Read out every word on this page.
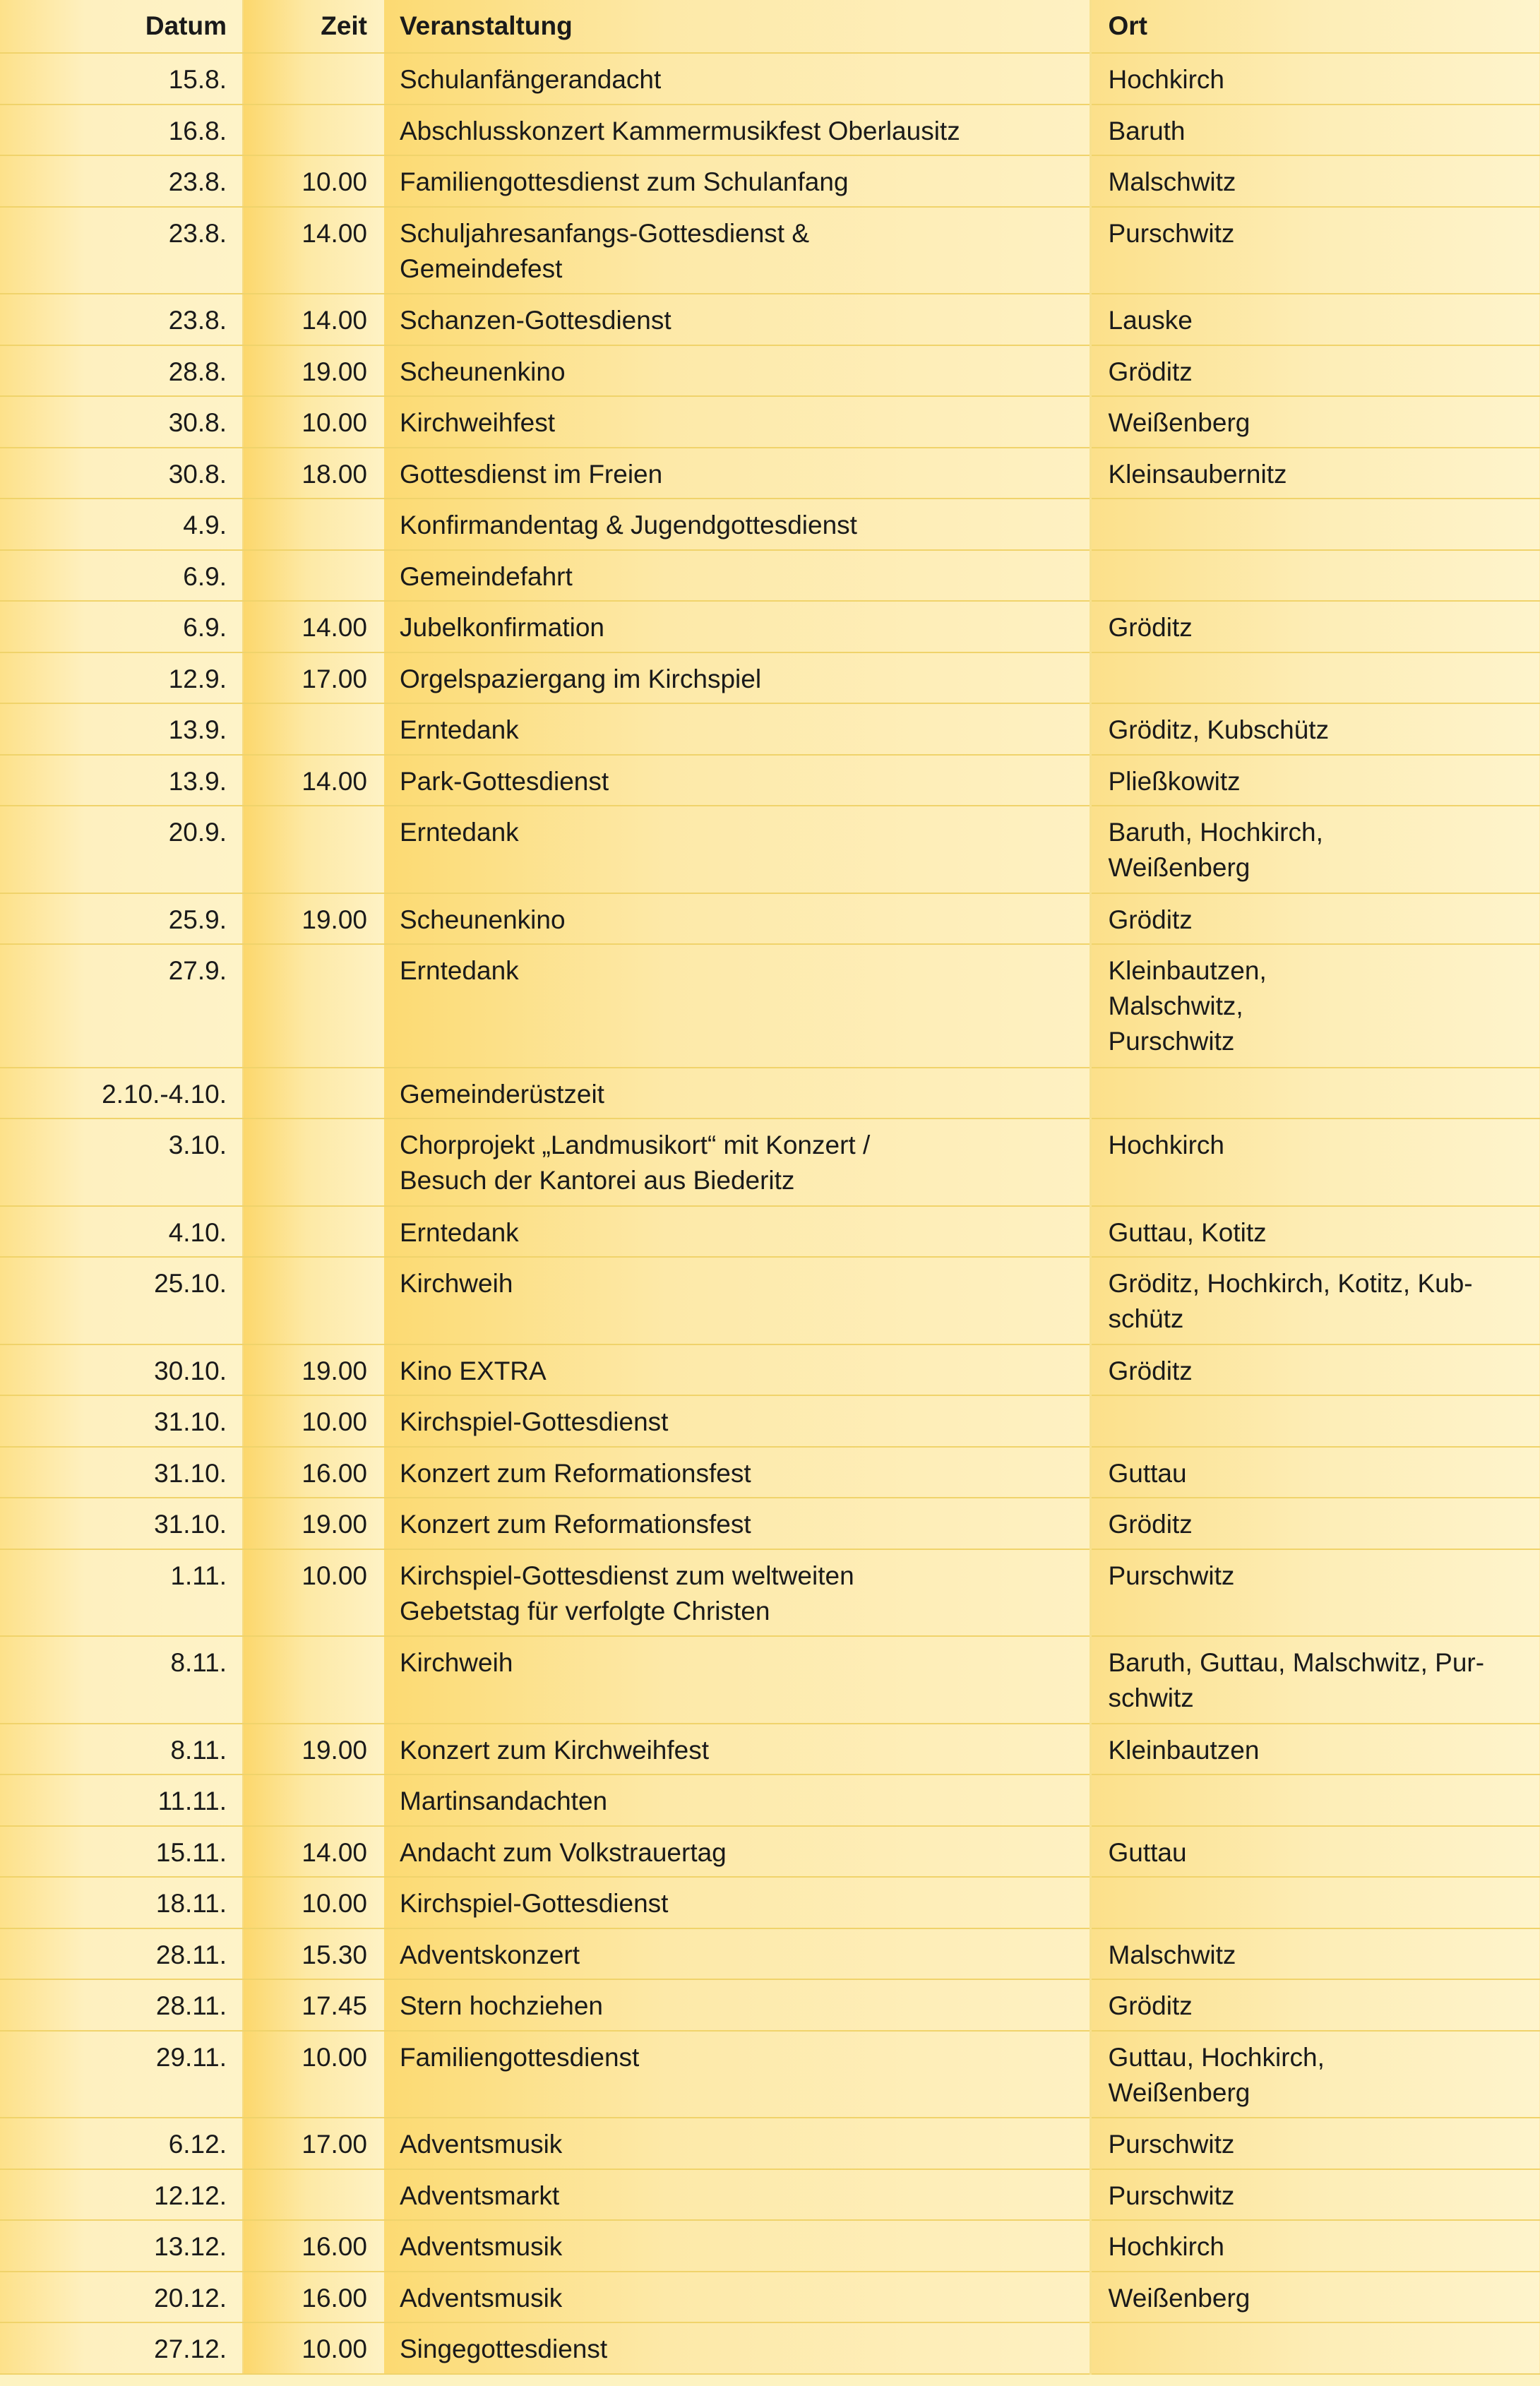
Datum	Zeit	Veranstaltung	Ort
15.8.		Schulanfängerandacht	Hochkirch

16.8.		Abschlusskonzert Kammermusikfest Oberlausitz	Baruth

23.8.	10.00	Familiengottesdienst zum Schulanfang	Malschwitz

23.8.	14.00	Schuljahresanfangs-Gottesdienst &
Gemeindefest	Purschwitz

23.8.	14.00	Schanzen-Gottesdienst	Lauske

28.8.	19.00	Scheunenkino	Gröditz

30.8.	10.00	Kirchweihfest	Weißenberg

30.8.	18.00	Gottesdienst im Freien	Kleinsaubernitz

4.9.		Konfirmandentag & Jugendgottesdienst	

6.9.		Gemeindefahrt	

6.9.	14.00	Jubelkonfirmation	Gröditz

12.9.	17.00	Orgelspaziergang im Kirchspiel	

13.9.		Erntedank	Gröditz, Kubschütz

13.9.	14.00	Park-Gottesdienst	Pließkowitz

20.9.		Erntedank	Baruth, Hochkirch,
Weißenberg

25.9.	19.00	Scheunenkino	Gröditz

27.9.		Erntedank	Kleinbautzen,
Malschwitz,
Purschwitz

2.10.-4.10.		Gemeinderüstzeit	

3.10.		Chorprojekt „Landmusikort“ mit Konzert /
Besuch der Kantorei aus Biederitz	Hochkirch

4.10.		Erntedank	Guttau, Kotitz

25.10.		Kirchweih	Gröditz, Hochkirch, Kotitz, Kub-
schütz

30.10.	19.00	Kino EXTRA	Gröditz

31.10.	10.00	Kirchspiel-Gottesdienst	

31.10.	16.00	Konzert zum Reformationsfest	Guttau

31.10.	19.00	Konzert zum Reformationsfest	Gröditz

1.11.	10.00	Kirchspiel-Gottesdienst zum weltweiten
Gebetstag für verfolgte Christen	Purschwitz

8.11.		Kirchweih	Baruth, Guttau, Malschwitz, Pur-
schwitz

8.11.	19.00	Konzert zum Kirchweihfest	Kleinbautzen

11.11.		Martinsandachten	

15.11.	14.00	Andacht zum Volkstrauertag	Guttau

18.11.	10.00	Kirchspiel-Gottesdienst	

28.11.	15.30	Adventskonzert	Malschwitz

28.11.	17.45	Stern hochziehen	Gröditz

29.11.	10.00	Familiengottesdienst	Guttau, Hochkirch,
Weißenberg

6.12.	17.00	Adventsmusik	Purschwitz

12.12.		Adventsmarkt	Purschwitz

13.12.	16.00	Adventsmusik	Hochkirch

20.12.	16.00	Adventsmusik	Weißenberg

27.12.	10.00	Singegottesdienst	
